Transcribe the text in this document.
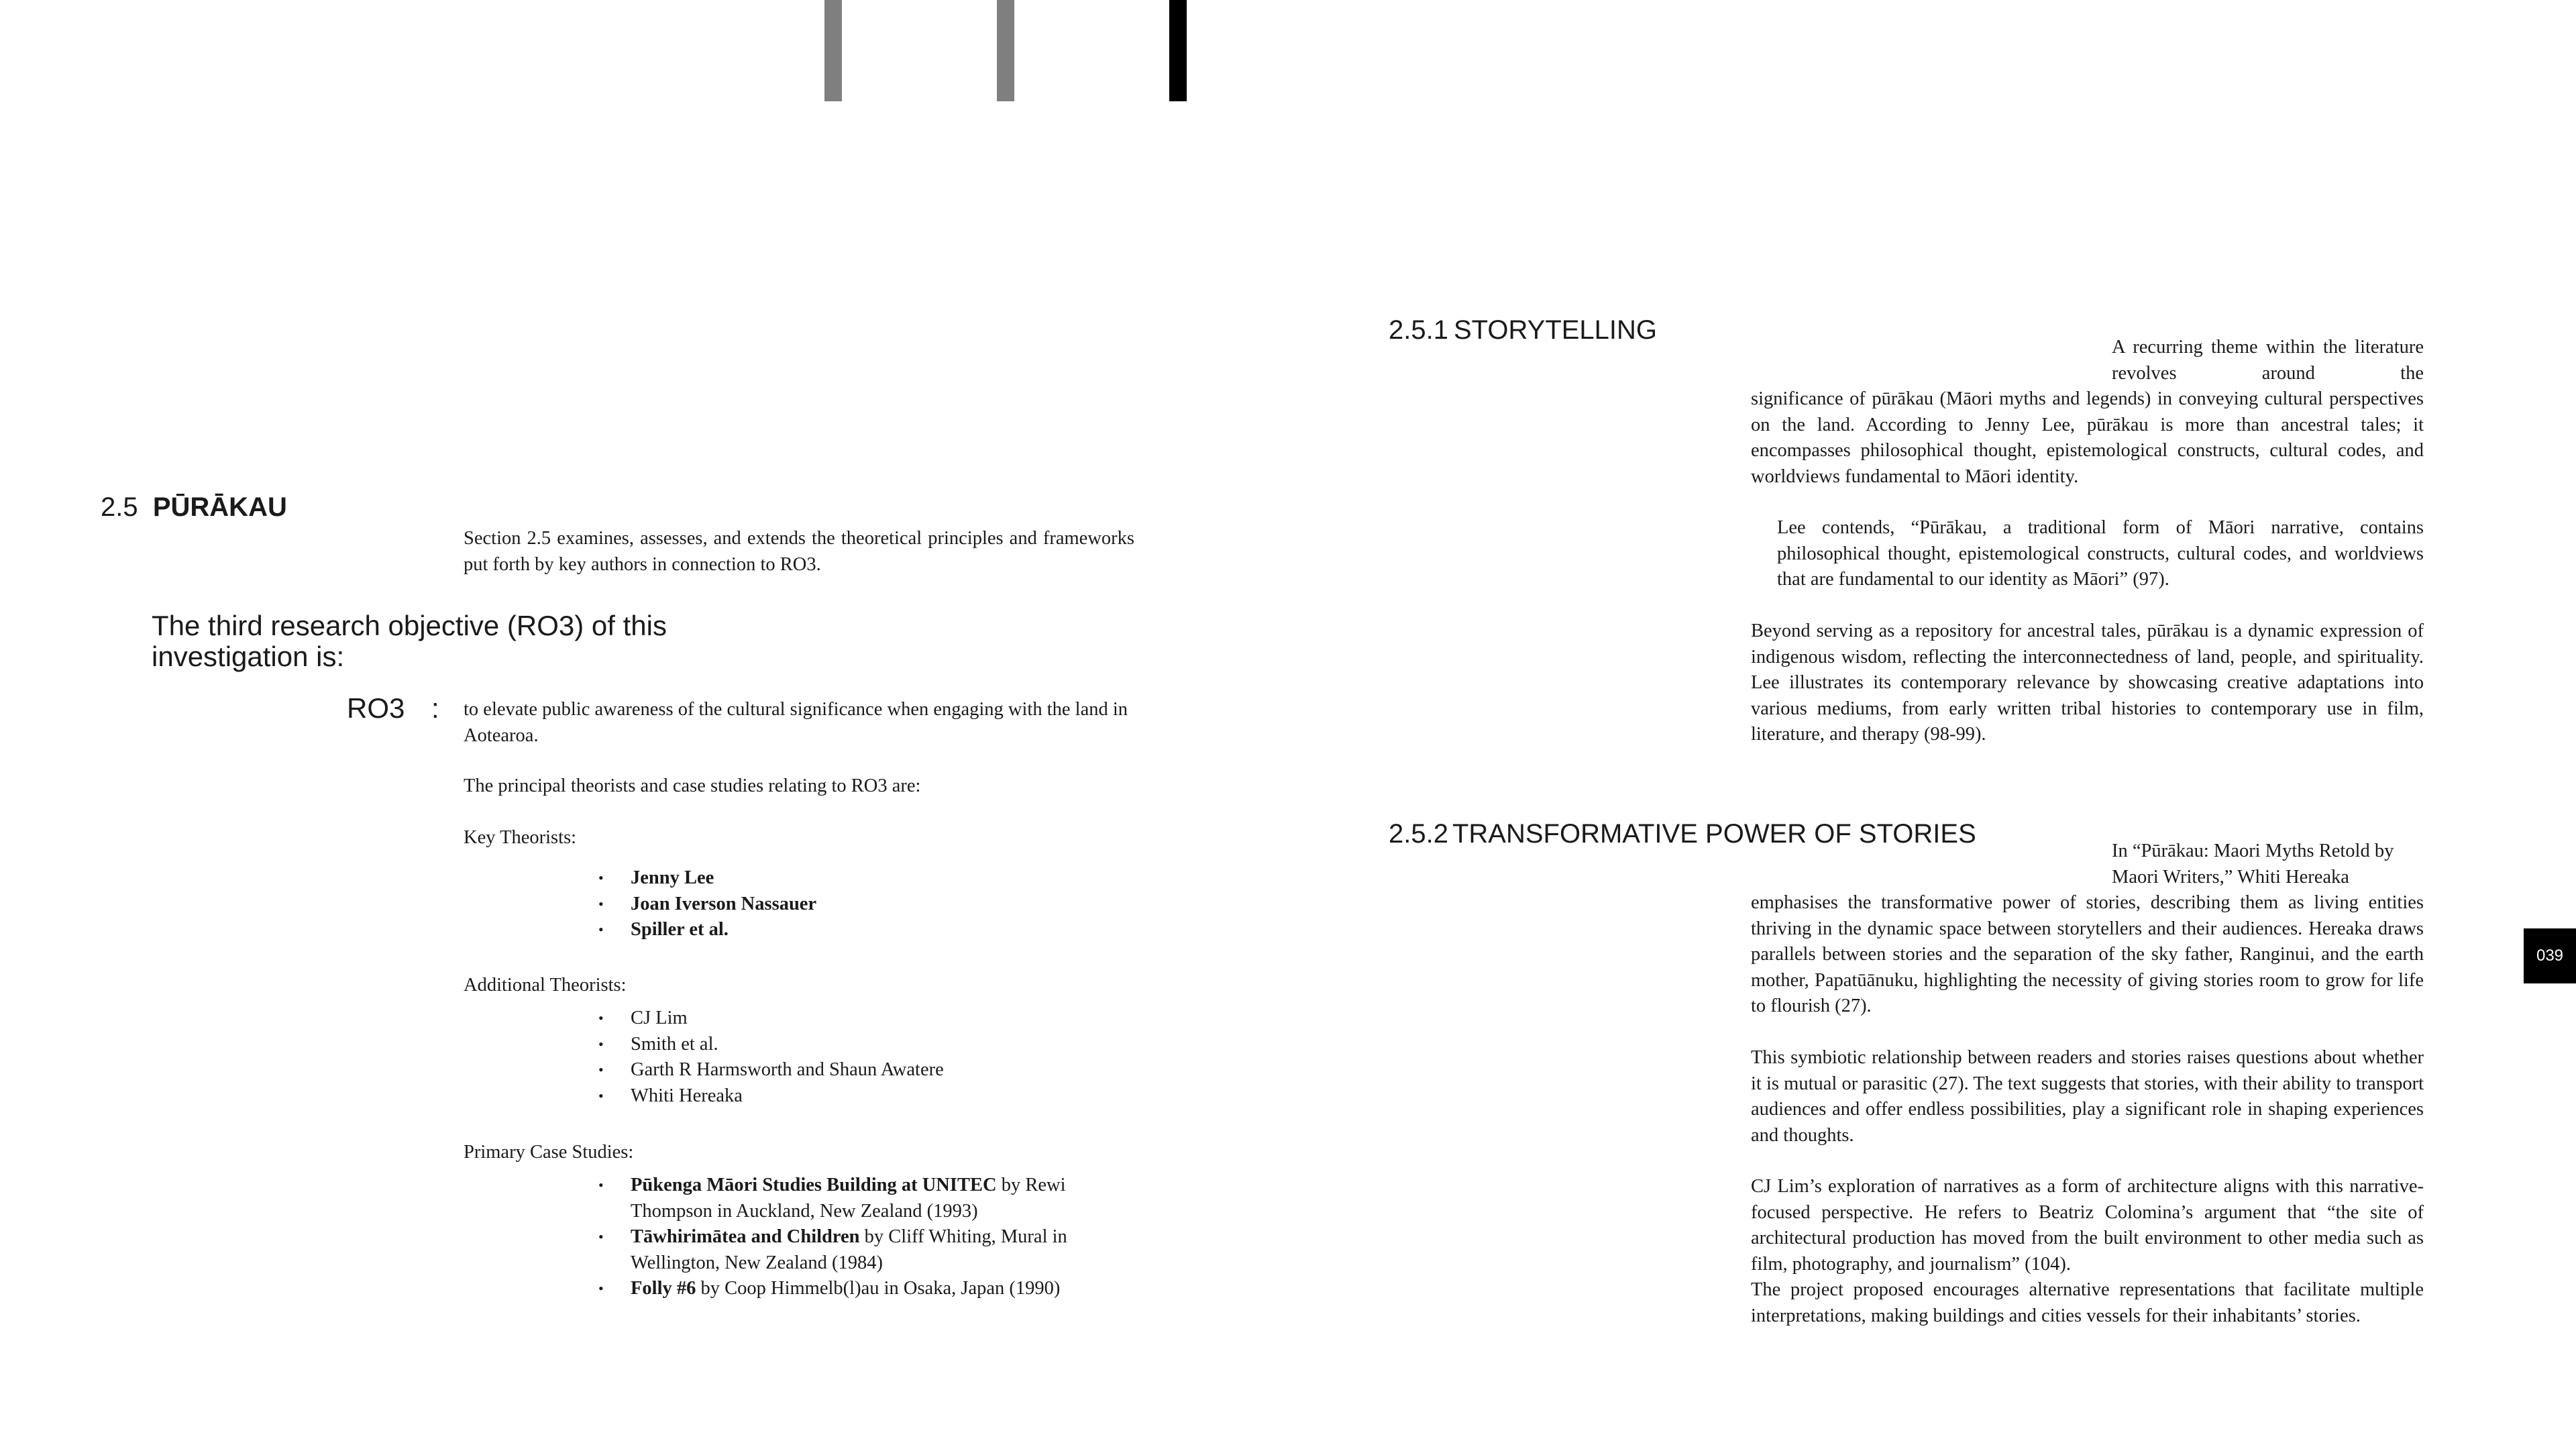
2.5 PŪRĀKAU

Section 2.5 examines, assesses, and extends the theoretical principles and frameworks put forth by key authors in connection to RO3.

The third research objective (RO3) of this investigation is:

RO3 : to elevate public awareness of the cultural significance when engaging with the land in Aotearoa.

The principal theorists and case studies relating to RO3 are:

Key Theorists:

• Jenny Lee
• Joan Iverson Nassauer
• Spiller et al.

Additional Theorists:

• CJ Lim
• Smith et al.
• Garth R Harmsworth and Shaun Awatere
• Whiti Hereaka

Primary Case Studies:

• Pūkenga Māori Studies Building at UNITEC by Rewi Thompson in Auckland, New Zealand (1993)
• Tāwhirimātea and Children by Cliff Whiting, Mural in Wellington, New Zealand (1984)
• Folly #6 by Coop Himmelb(l)au in Osaka, Japan (1990)
2.5.1 STORYTELLING

A recurring theme within the literature revolves around the

significance of pūrākau (Māori myths and legends) in conveying cultural perspectives on the land. According to Jenny Lee, pūrākau is more than ancestral tales; it encompasses philosophical thought, epistemological constructs, cultural codes, and worldviews fundamental to Māori identity.

Lee contends, “Pūrākau, a traditional form of Māori narrative, contains philosophical thought, epistemological constructs, cultural codes, and worldviews that are fundamental to our identity as Māori” (97).

Beyond serving as a repository for ancestral tales, pūrākau is a dynamic expression of indigenous wisdom, reflecting the interconnectedness of land, people, and spirituality. Lee illustrates its contemporary relevance by showcasing creative adaptations into various mediums, from early written tribal histories to contemporary use in film, literature, and therapy (98-99).

2.5.2 TRANSFORMATIVE POWER OF STORIES

In “Pūrākau: Maori Myths Retold by Maori Writers,” Whiti Hereaka

emphasises the transformative power of stories, describing them as living entities thriving in the dynamic space between storytellers and their audiences. Hereaka draws parallels between stories and the separation of the sky father, Ranginui, and the earth mother, Papatūānuku, highlighting the necessity of giving stories room to grow for life to flourish (27).

This symbiotic relationship between readers and stories raises questions about whether it is mutual or parasitic (27). The text suggests that stories, with their ability to transport audiences and offer endless possibilities, play a significant role in shaping experiences and thoughts.

CJ Lim’s exploration of narratives as a form of architecture aligns with this narrative-focused perspective. He refers to Beatriz Colomina’s argument that “the site of architectural production has moved from the built environment to other media such as film, photography, and journalism” (104).

The project proposed encourages alternative representations that facilitate multiple interpretations, making buildings and cities vessels for their inhabitants’ stories.

039
